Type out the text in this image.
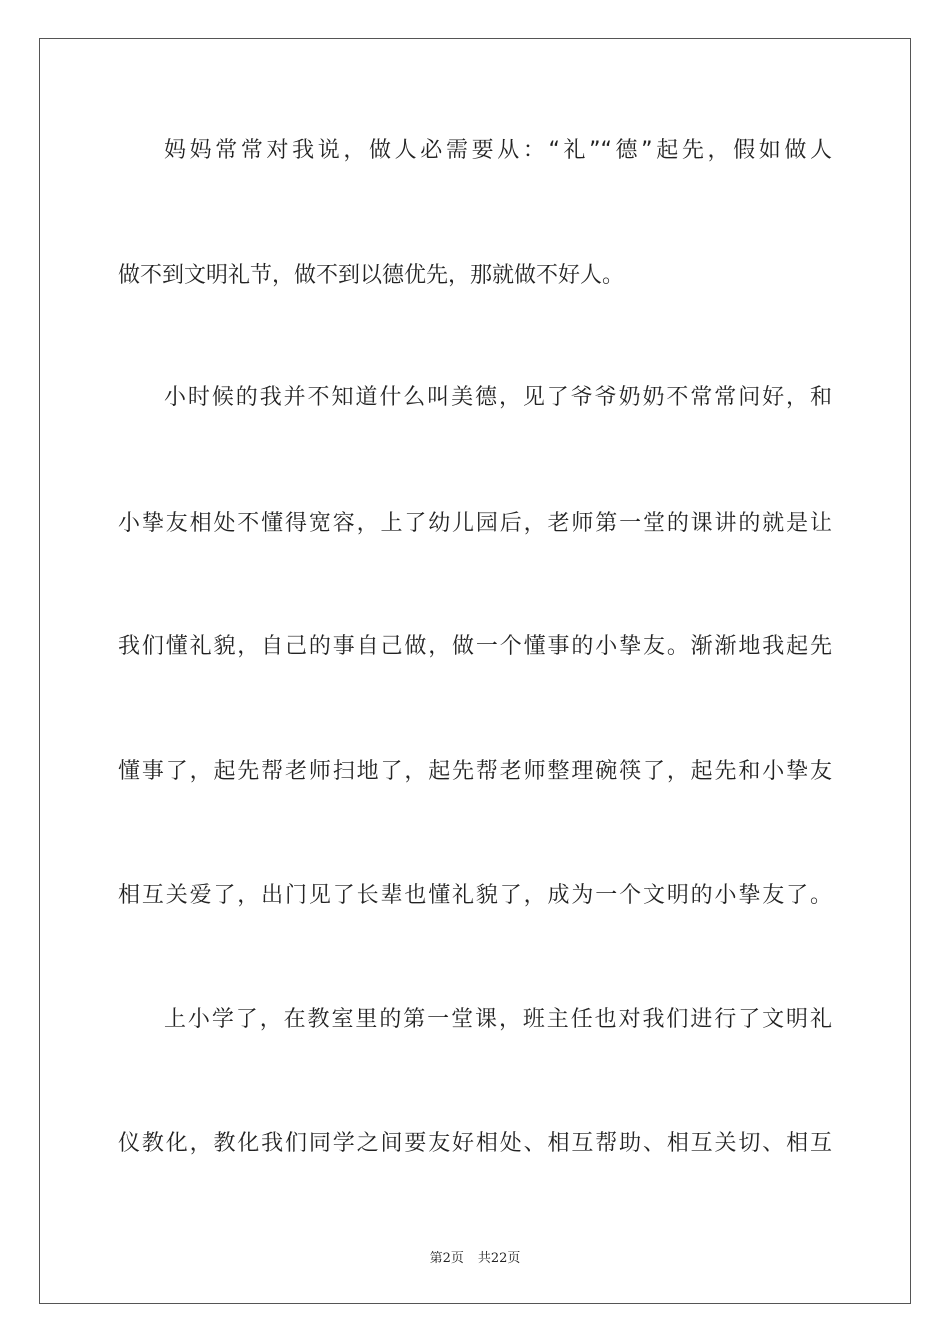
妈妈常常对我说，做人必需要从：“礼”“德”起先，假如做人
做不到文明礼节，做不到以德优先，那就做不好人。
小时候的我并不知道什么叫美德，见了爷爷奶奶不常常问好，和
小挚友相处不懂得宽容，上了幼儿园后，老师第一堂的课讲的就是让
我们懂礼貌，自己的事自己做，做一个懂事的小挚友。渐渐地我起先
懂事了，起先帮老师扫地了，起先帮老师整理碗筷了，起先和小挚友
相互关爱了，出门见了长辈也懂礼貌了，成为一个文明的小挚友了。
上小学了，在教室里的第一堂课，班主任也对我们进行了文明礼
仪教化，教化我们同学之间要友好相处、相互帮助、相互关切、相互
第2页 共22页
